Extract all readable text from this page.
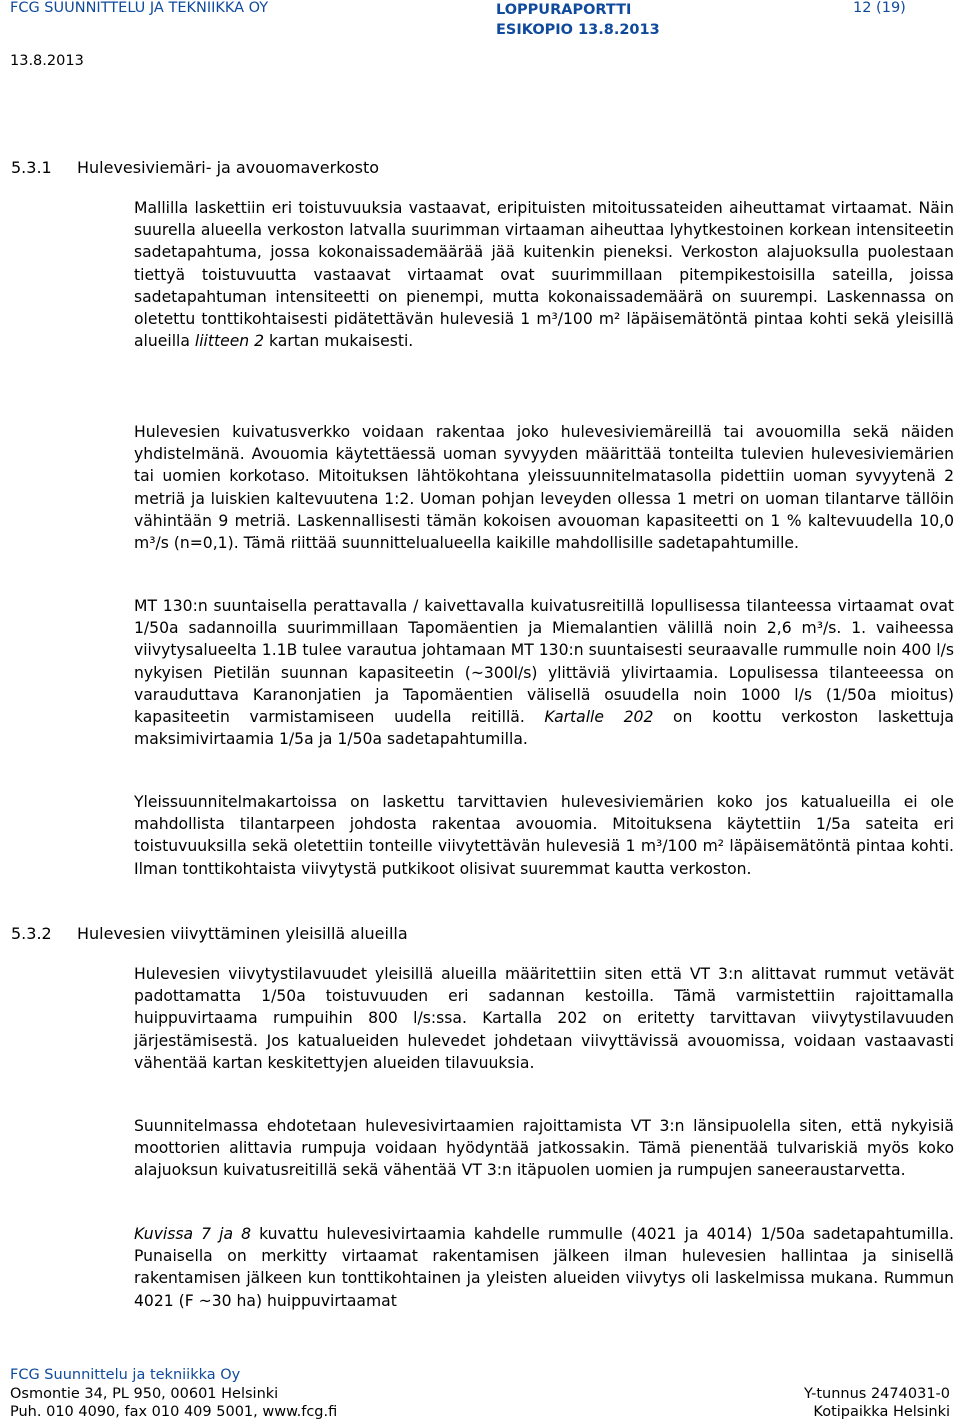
FCG SUUNNITTELU JA TEKNIIKKA OY	LOPPURAPORTTI
ESIKOPIO 13.8.2013
12 (19)
13.8.2013
5.3.1 Hulevesiviemäri- ja avouomaverkosto

Mallilla laskettiin eri toistuvuuksia vastaavat, eripituisten mitoitussateiden aiheuttamat virtaamat. Näin suurella alueella verkoston latvalla suurimman virtaaman aiheuttaa lyhytkestoinen korkean intensiteetin sadetapahtuma, jossa kokonaissademäärää jää kuitenkin pieneksi. Verkoston alajuoksulla puolestaan tiettyä toistuvuutta vastaavat virtaamat ovat suurimmillaan pitempikestoisilla sateilla, joissa sadetapahtuman intensiteetti on pienempi, mutta kokonaissademäärä on suurempi. Laskennassa on oletettu tonttikohtaisesti pidätettävän hulevesiä 1 m³/100 m² läpäisemätöntä pintaa kohti sekä yleisillä alueilla liitteen 2 kartan mukaisesti.

Hulevesien kuivatusverkko voidaan rakentaa joko hulevesiviemäreillä tai avouomilla sekä näiden yhdistelmänä. Avouomia käytettäessä uoman syvyyden määrittää tonteilta tulevien hulevesiviemärien tai uomien korkotaso. Mitoituksen lähtökohtana yleissuunnitelmatasolla pidettiin uoman syvyytenä 2 metriä ja luiskien kaltevuutena 1:2. Uoman pohjan leveyden ollessa 1 metri on uoman tilantarve tällöin vähintään 9 metriä. Laskennallisesti tämän kokoisen avouoman kapasiteetti on 1 % kaltevuudella 10,0 m³/s (n=0,1). Tämä riittää suunnittelualueella kaikille mahdollisille sadetapahtumille.

MT 130:n suuntaisella perattavalla / kaivettavalla kuivatusreitillä lopullisessa tilanteessa virtaamat ovat 1/50a sadannoilla suurimmillaan Tapomäentien ja Miemalantien välillä noin 2,6 m³/s. 1. vaiheessa viivytysalueelta 1.1B tulee varautua johtamaan MT 130:n suuntaisesti seuraavalle rummulle noin 400 l/s nykyisen Pietilän suunnan kapasiteetin (~300l/s) ylittäviä ylivirtaamia. Lopulisessa tilanteeessa on varauduttava Karanonjatien ja Tapomäentien välisellä osuudella noin 1000 l/s (1/50a mioitus) kapasiteetin varmistamiseen uudella reitillä. Kartalle 202 on koottu verkoston laskettuja maksimivirtaamia 1/5a ja 1/50a sadetapahtumilla.

Yleissuunnitelmakartoissa on laskettu tarvittavien hulevesiviemärien koko jos katualueilla ei ole mahdollista tilantarpeen johdosta rakentaa avouomia. Mitoituksena käytettiin 1/5a sateita eri toistuvuuksilla sekä oletettiin tonteille viivytettävän hulevesiä 1 m³/100 m² läpäisemätöntä pintaa kohti. Ilman tonttikohtaista viivytystä putkikoot olisivat suuremmat kautta verkoston.

5.3.2 Hulevesien viivyttäminen yleisillä alueilla

Hulevesien viivytystilavuudet yleisillä alueilla määritettiin siten että VT 3:n alittavat rummut vetävät padottamatta 1/50a toistuvuuden eri sadannan kestoilla. Tämä varmistettiin rajoittamalla huippuvirtaama rumpuihin 800 l/s:ssa. Kartalla 202 on eritetty tarvittavan viivytystilavuuden järjestämisestä. Jos katualueiden hulevedet johdetaan viivyttävissä avouomissa, voidaan vastaavasti vähentää kartan keskitettyjen alueiden tilavuuksia.

Suunnitelmassa ehdotetaan hulevesivirtaamien rajoittamista VT 3:n länsipuolella siten, että nykyisiä moottorien alittavia rumpuja voidaan hyödyntää jatkossakin. Tämä pienentää tulvariskiä myös koko alajuoksun kuivatusreitillä sekä vähentää VT 3:n itäpuolen uomien ja rumpujen saneeraustarvetta.

Kuvissa 7 ja 8 kuvattu hulevesivirtaamia kahdelle rummulle (4021 ja 4014) 1/50a sadetapahtumilla. Punaisella on merkitty virtaamat rakentamisen jälkeen ilman hulevesien hallintaa ja sinisellä rakentamisen jälkeen kun tonttikohtainen ja yleisten alueiden viivytys oli laskelmissa mukana. Rummun 4021 (F ~30 ha) huippuvirtaamat

FCG Suunnittelu ja tekniikka Oy
Osmontie 34, PL 950, 00601 Helsinki
Puh. 010 4090, fax 010 409 5001, www.fcg.fi
Y-tunnus 2474031-0
Kotipaikka Helsinki
